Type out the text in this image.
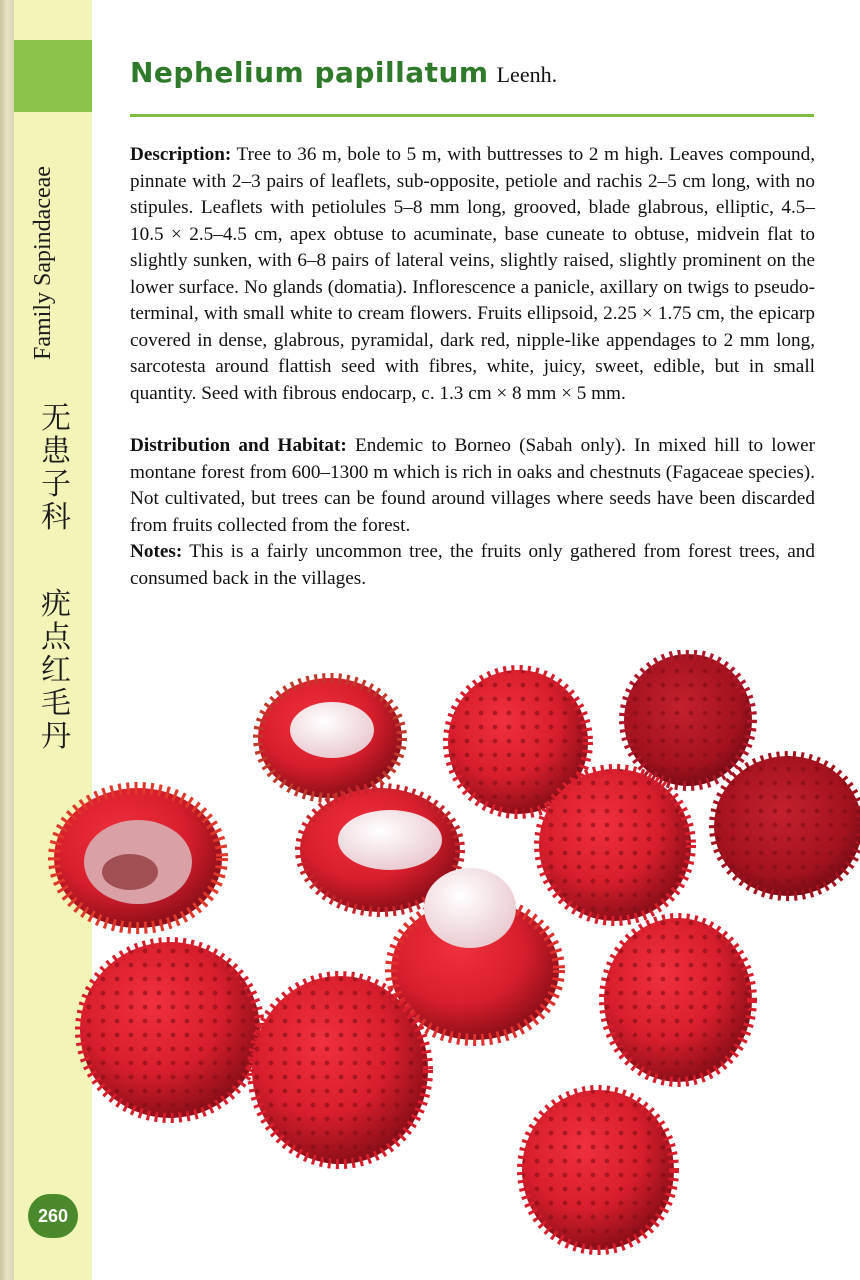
Family Sapindaceae
无
患
子
科
疣
点
红
毛
丹
260
Nephelium papillatum Leenh.

Description: Tree to 36 m, bole to 5 m, with buttresses to 2 m high. Leaves compound, pinnate with 2–3 pairs of leaflets, sub-opposite, petiole and rachis 2–5 cm long, with no stipules. Leaflets with petiolules 5–8 mm long, grooved, blade glabrous, elliptic, 4.5–10.5 × 2.5–4.5 cm, apex obtuse to acuminate, base cuneate to obtuse, midvein flat to slightly sunken, with 6–8 pairs of lateral veins, slightly raised, slightly prominent on the lower surface. No glands (domatia). Inflorescence a panicle, axillary on twigs to pseudo-terminal, with small white to cream flowers. Fruits ellipsoid, 2.25 × 1.75 cm, the epicarp covered in dense, glabrous, pyramidal, dark red, nipple-like appendages to 2 mm long, sarcotesta around flattish seed with fibres, white, juicy, sweet, edible, but in small quantity. Seed with fibrous endocarp, c. 1.3 cm × 8 mm × 5 mm.

Distribution and Habitat: Endemic to Borneo (Sabah only). In mixed hill to lower montane forest from 600–1300 m which is rich in oaks and chestnuts (Fagaceae species). Not cultivated, but trees can be found around villages where seeds have been discarded from fruits collected from the forest.

Notes: This is a fairly uncommon tree, the fruits only gathered from forest trees, and consumed back in the villages.
